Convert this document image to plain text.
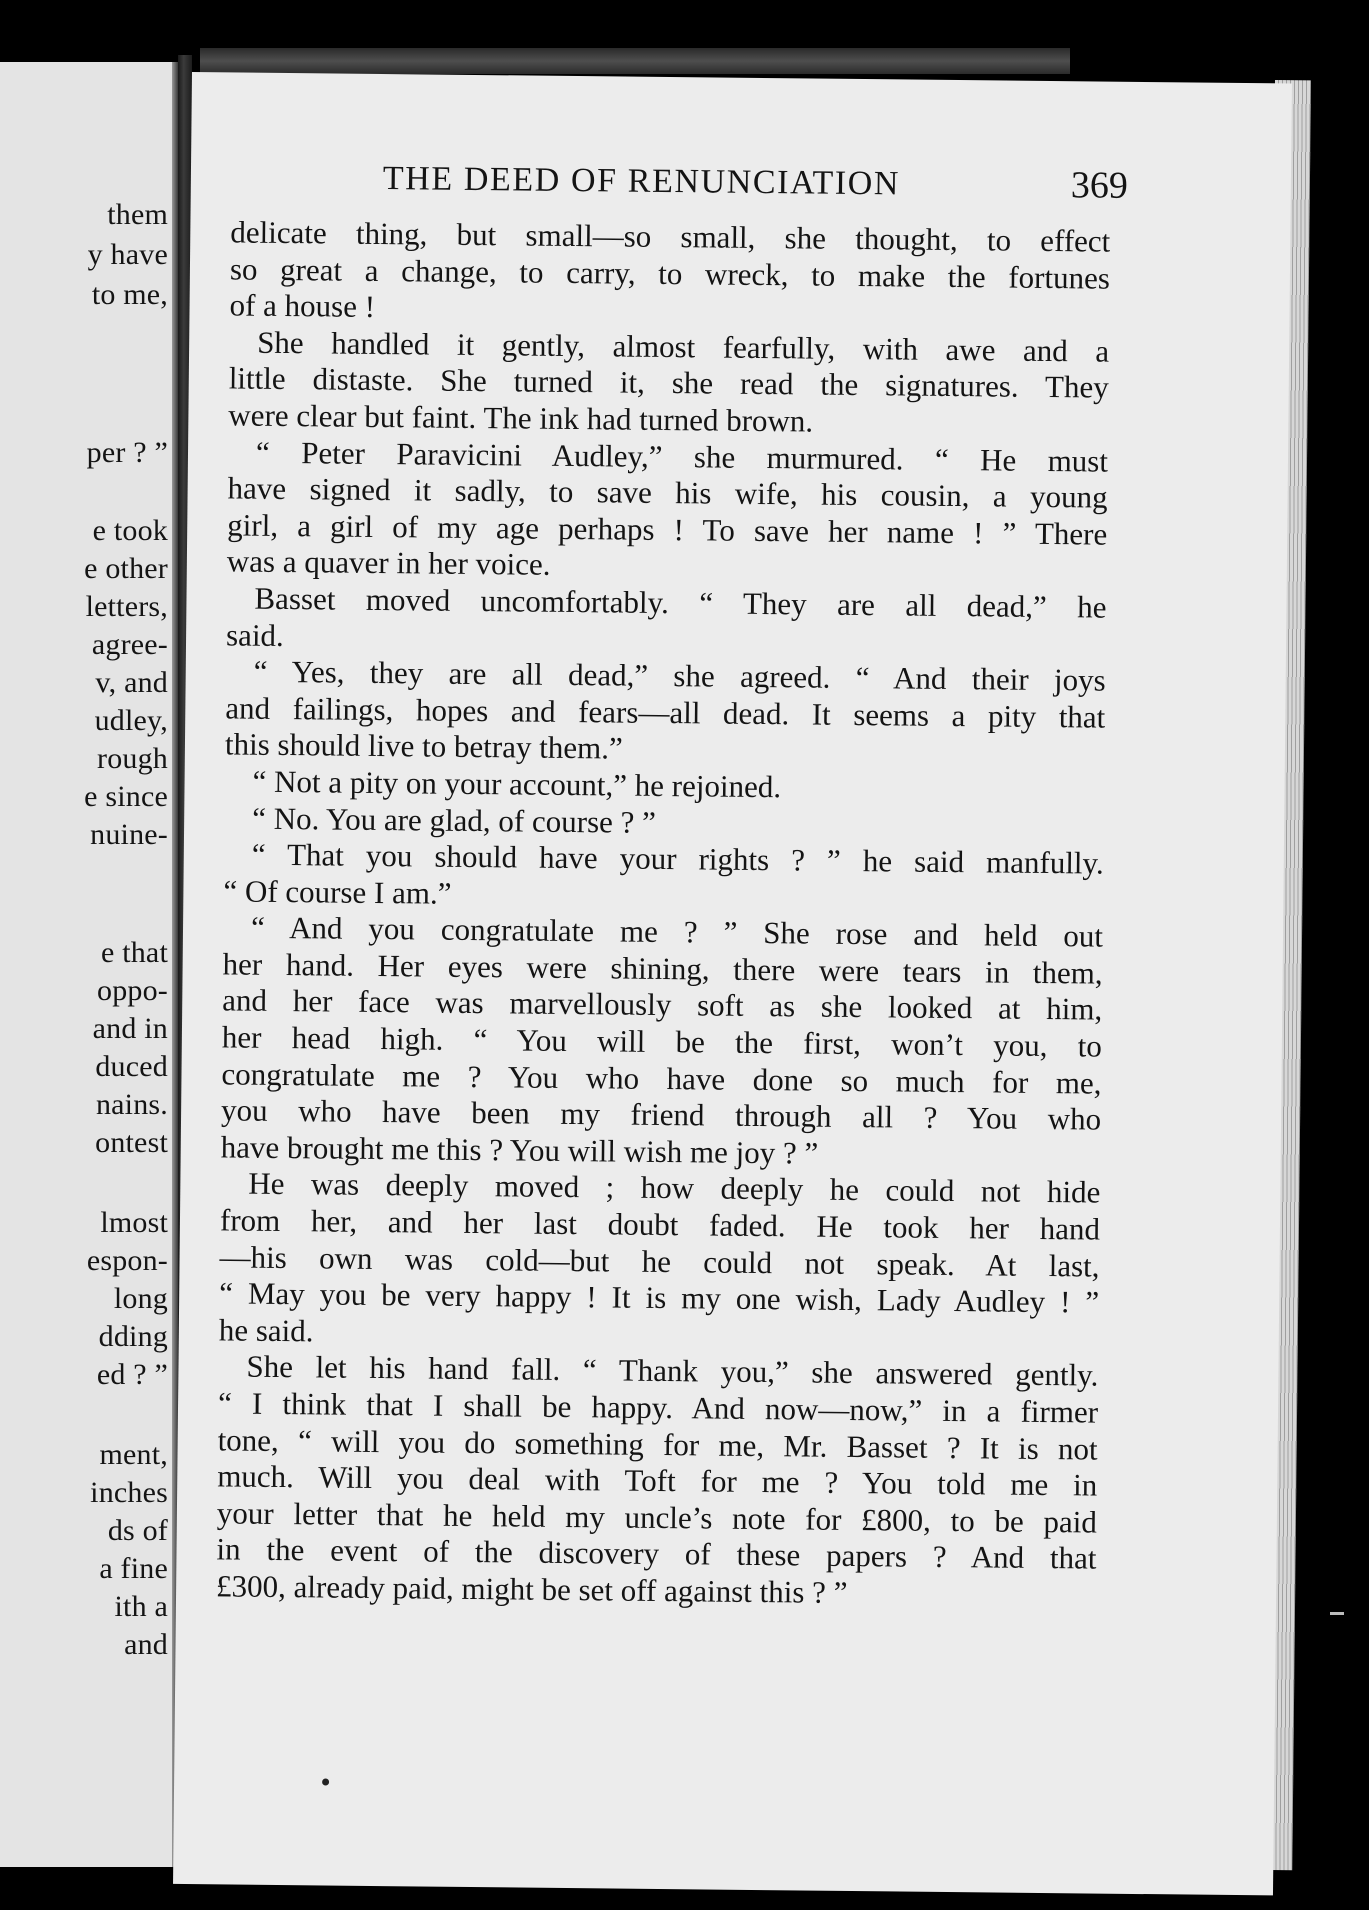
them
y have
to me,
per ? ”
e took
e other
letters,
agree-
v, and
udley,
rough
e since
nuine-
e that
oppo-
and in
duced
nains.
ontest
lmost
espon-
long
dding
ed ? ”
ment,
inches
ds of
a fine
ith a
and
THE DEED OF RENUNCIATION	369
delicate thing, but small—so small, she thought, to effect
so great a change, to carry, to wreck, to make the fortunes
of a house !
She handled it gently, almost fearfully, with awe and a
little distaste. She turned it, she read the signatures. They
were clear but faint. The ink had turned brown.
“ Peter Paravicini Audley,” she murmured. “ He must
have signed it sadly, to save his wife, his cousin, a young
girl, a girl of my age perhaps ! To save her name ! ” There
was a quaver in her voice.
Basset moved uncomfortably. “ They are all dead,” he
said.
“ Yes, they are all dead,” she agreed. “ And their joys
and failings, hopes and fears—all dead. It seems a pity that
this should live to betray them.”
“ Not a pity on your account,” he rejoined.
“ No. You are glad, of course ? ”
“ That you should have your rights ? ” he said manfully.
“ Of course I am.”
“ And you congratulate me ? ” She rose and held out
her hand. Her eyes were shining, there were tears in them,
and her face was marvellously soft as she looked at him,
her head high. “ You will be the first, won’t you, to
congratulate me ? You who have done so much for me,
you who have been my friend through all ? You who
have brought me this ? You will wish me joy ? ”
He was deeply moved ; how deeply he could not hide
from her, and her last doubt faded. He took her hand
—his own was cold—but he could not speak. At last,
“ May you be very happy ! It is my one wish, Lady Audley ! ”
he said.
She let his hand fall. “ Thank you,” she answered gently.
“ I think that I shall be happy. And now—now,” in a firmer
tone, “ will you do something for me, Mr. Basset ? It is not
much. Will you deal with Toft for me ? You told me in
your letter that he held my uncle’s note for £800, to be paid
in the event of the discovery of these papers ? And that
£300, already paid, might be set off against this ? ”
